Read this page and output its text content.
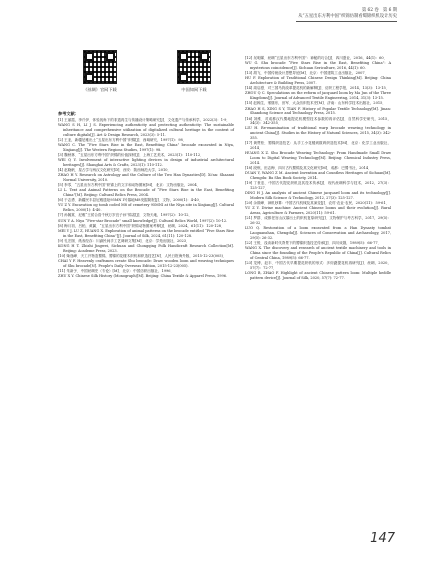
第 62 卷　第 6 期
从“五星出东方利中国”织锦仿制看蜀锦织机设计历史
《丝绸》官网下载	中国知网下载
参考文献：

[1] 王丽霞，李斤伊．体验视角下的非遗再生与传播设计策略研究[J]．文化遗产与传承科学，2022(3)：1-9．

WANG S H, LI J S. Experiencing authenticity and protecting authenticity: The sustainable inheritance and comprehensive utilization of digitalized cultural heritage in the context of culture digitals[J]. Art & Design Research, 2023(3): 5-11.

[2] 王亚，新疆尼雅出土“五星出东方利中国”织锦[J]．西域研究，1997(1)：98．

WANG C. The “Five Stars Rise in the East, Benefiting China” brocade excavated in Niya, Xinjiang[J]. The Western Regions Studies, 1997(1): 98.

[3] 魏秋林．“五星出东方利中国”织锦的价值探析[J]．上海工艺美术，2023(1)：110-112．

WEI Q Y. Involvement of interactive lighting devices in design of industrial architectural heritages[J]. Shanghai Arts & Crafts, 2023(1): 110-112.

[4] 赵晓帆．星占学与两汉文化研究[D]．西安：陕西师范大学，2010．

ZHAO H Y. Research on Astrology and the Culture of the Two Han Dynasties[D]. Xi'an: Shaanxi Normal University, 2010.

[5] 李零．“五星出东方利中国”织锦上的文字和动物图案[M]．北京：文物出版社，2004．

LI L. Text and Animal Patterns on the Brocade of “Five Stars Rise in the East, Benefiting China”[M]. Beijing: Cultural Relics Press, 2004.

[6] 于志勇．新疆民丰县尼雅遗址95MN I号墓地M8发掘简报[J]．文物，2000(1)：4-40．

YU Z Y. Excavation og tomb coded M8 of cemetery 95MNI at the Niya site in Xinjiang[J]. Cultural Relics, 2000(1): 4-40.

[7] 孙毓棠．尼雅“王侯合昏千秋万岁宜子孙”锦衾[J]．文物天地，1997(2)：10-12．

SUN Y A. Niya “Five-star Brocade” small knowledge[J]. Cultural Relics World, 1997(2): 10-12.

[8] 梅月初，吕柏，黄翼．“五星出东方利中国”织锦动物图案考释[J]．丝绸，2024，61(11)：120-128．

MEI Y J, LU Z, HUANG X. Exploration of animal patterns on the brocade entitled “Five Stars Rise in the East, Benefiting China”[J]. Journal of Silk, 2024, 61(11): 120-128.

[9] 孔宏图．纸寿经存：川渝民间手工艺调研文集[M]．北京：学苑出版社，2023．

KONG H T. Zhizhi Jingwei, Sichuan and Chongqing Folk Handicraft Research Collection[M]. Beijing: Academe Press, 2023.

[10] 柴逸峰．天工开物造蜀锦，蜀锦的花楼木织机和织造技艺[N]．人民日报海外版，2015-12-23(005)．

CHAI Y F. Heavenly craftsmen create Shu brocade: Draw wooden loom and weaving techniques of Shu brocade[N]. People's Daily Overseas Edition, 2015-12-23(005).

[11] 朱新予．中国丝绸史（专论）[M]．北京：中国纺织出版社，1996．

ZHU X Y. Chinese Silk History (Monograph)[M]. Beijing: China Textile & Apparel Press, 1996.

[12] 吴明娣．丝绸“五星出东方利中国”：神秘的巧合[J]．四川蚕业，2016，44(1)：60．

WU G. Shu brocade “Five Stars Rise in the East, Benefiting China”: A mysterious coincidence[J]. Sichuan Sericulture, 2016, 44(1): 60.

[13] 胡飞．中国传统设计思想导论[M]．北京：中国建筑工业出版社，2007．

HU F. Exploration of Traditional Chinese Design Thinking[M]. Beijing: China Architecture & Building Press, 2007.

[14] 周启澄．对三国马钧改革提花机的新解释[J]．纺织工程学报，2014，13(3)：13-15．

ZHOU Q C. Speculations on the reform of jacquard loom by Ma Jun of the Three Kingdoms[J]. Journal of Advanced Textile Engineering, 2014, 31(3): 13-15.

[15] 赵翰生，邢继东，田军．大众纺织技术史[M]．济南：山东科学技术出版社，2015．

ZHAO H S, XING S Y, TIAN F. History of Popular Textile Technology[M]. Jinan: Shandong Science and Technology Press, 2015.

[16] 刘维．对成都汉代蜀地提花机模型技术参数的再评估[J]．自然科学史研究，2015，34(3)：342-355．

LIU H. Re-examination of traditional warp brocade weaving technology in ancient China[J]. Studies in the History of Natural Sciences, 2015, 34(3): 342-355.

[17] 黄赞松．蜀锦织造技艺：从手工小花楼到数码织造技术[M]．北京：化学工业出版社，2014．

HUANG X Z. Shu Brocade Weaving Technology: From Handmade Small Draw Loom to Digital Weaving Technology[M]. Beijing: Chemical Industry Press, 2014.

[18] 段炼，田志梅．四川古代蜀锦及其文化研究[M]．成都：巴蜀书社，2014．

DUAN Y, WANG Z M. Ancient Invention and Countless Heritages of Sichuan[M]. Chengdu: Ba Shu Book Society, 2014.

[19] 丁世忠．中国古代提花织机及其技术传承[J]．现代丝绸科学与技术，2012，27(3)：125-127．

DING H J. An analysis of ancient Chinese jacquard loom and its technology[J]. Modern Silk Science & Technology, 2012, 27(3): 125-127.

[20] 余筱峰．神机妙算：中国古代机械及其演变[J]．农村·农业·农民，2020(11)：59-61．

YU Z Y. Divine machine: Ancient Chinese looms and their evolution[J]. Rural Areas, Agriculture & Farmers, 2020(11): 59-61.

[21] 罗群．成都老官山汉墓出土的织机复原研究[J]．文物保护与考古科学，2017，29(5)：26-32．

LUO Q. Restoration of a loom excavated from a Han Dynasty tombat Laoguanshan, Chengdu[J]. Sciences of Conservation and Archaeology, 2017, 29(5): 26-32.

[22] 王锐．浅谈新时代背景下的蜀锦织造技艺传承[J]．四川戏剧，1989(5)：66-77．

WANG X. The discovery and research of ancient textile machinery and tools in China since the founding of the People's Republic of China[J]. Cultural Relics of Central China, 1989(5): 66-77.

[23] 龙博，赵丰．中国古代早期提花织机的形式：多综蹑提花机再研究[J]．丝绸，2020，57(7)：72-77．

LONG B, ZHAO F. Highlight of ancient Chinese pattern loom: Multiple heddle pattern device[J]. Journal of Silk, 2020, 57(7): 72-77.

147
